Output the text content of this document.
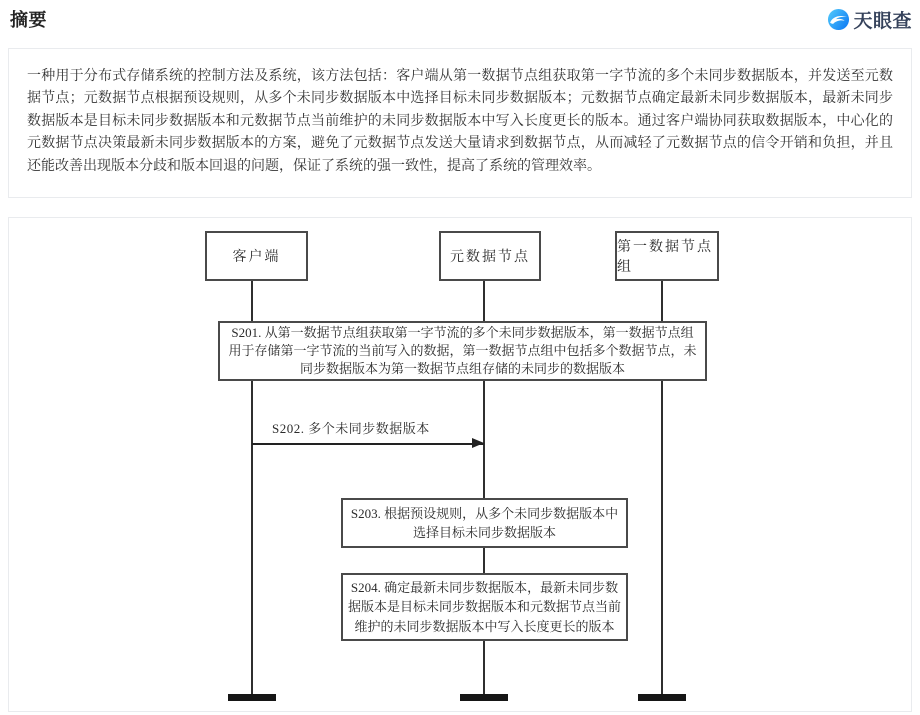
摘要	天眼查

一种用于分布式存储系统的控制方法及系统，该方法包括：客户端从第一数据节点组获取第一字节流的多个未同步数据版本，并发送至元数据节点；元数据节点根据预设规则，从多个未同步数据版本中选择目标未同步数据版本；元数据节点确定最新未同步数据版本，最新未同步数据版本是目标未同步数据版本和元数据节点当前维护的未同步数据版本中写入长度更长的版本。通过客户端协同获取数据版本，中心化的元数据节点决策最新未同步数据版本的方案，避免了元数据节点发送大量请求到数据节点，从而减轻了元数据节点的信令开销和负担，并且还能改善出现版本分歧和版本回退的问题，保证了系统的强一致性，提高了系统的管理效率。

客户端	元数据节点
第一数据节点组
S201. 从第一数据节点组获取第一字节流的多个未同步数据版本，第一数据节点组用于存储第一字节流的当前写入的数据，第一数据节点组中包括多个数据节点，未同步数据版本为第一数据节点组存储的未同步的数据版本
S202. 多个未同步数据版本
S203. 根据预设规则，从多个未同步数据版本中选择目标未同步数据版本
S204. 确定最新未同步数据版本，最新未同步数据版本是目标未同步数据版本和元数据节点当前维护的未同步数据版本中写入长度更长的版本
